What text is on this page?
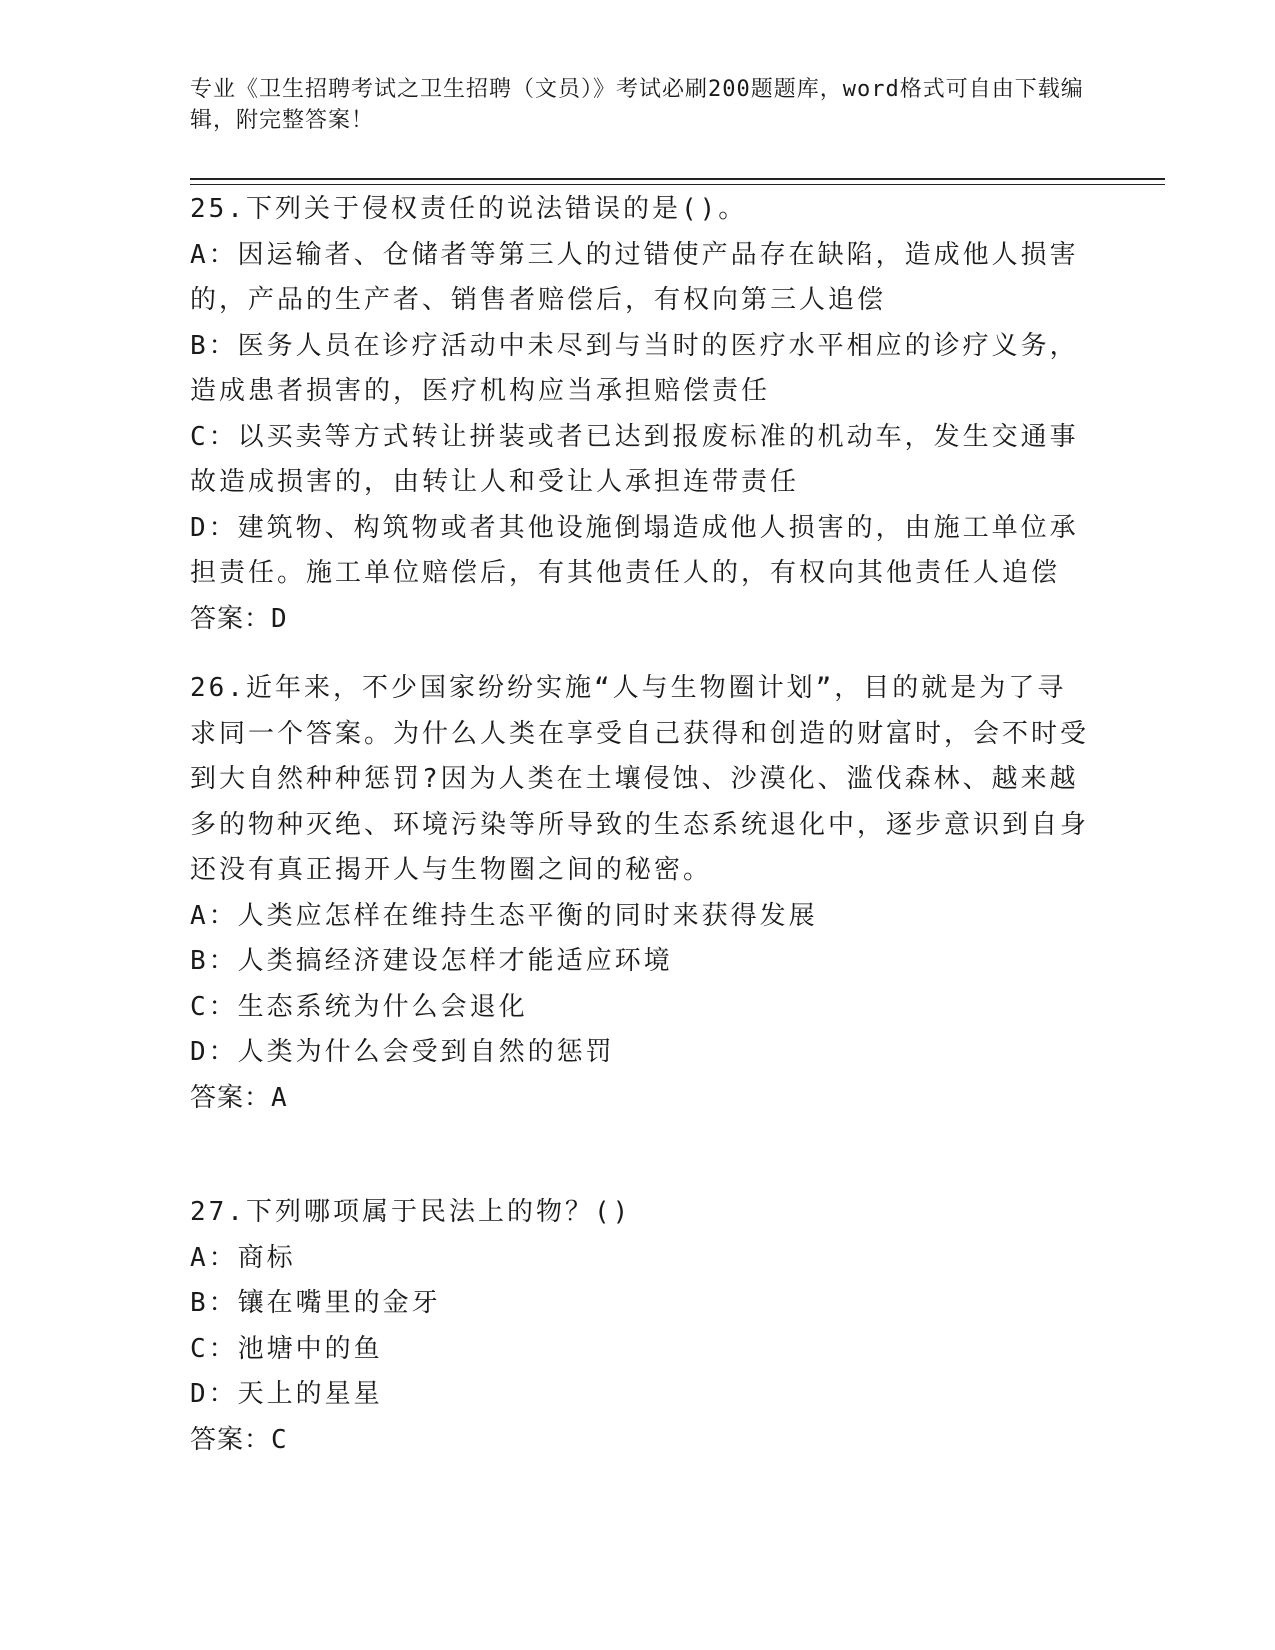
专业《卫生招聘考试之卫生招聘（文员）》考试必刷200题题库，word格式可自由下载编辑，附完整答案！
25.下列关于侵权责任的说法错误的是()。
A：因运输者、仓储者等第三人的过错使产品存在缺陷，造成他人损害的，产品的生产者、销售者赔偿后，有权向第三人追偿
B：医务人员在诊疗活动中未尽到与当时的医疗水平相应的诊疗义务，造成患者损害的，医疗机构应当承担赔偿责任
C：以买卖等方式转让拼装或者已达到报废标准的机动车，发生交通事故造成损害的，由转让人和受让人承担连带责任
D：建筑物、构筑物或者其他设施倒塌造成他人损害的，由施工单位承担责任。施工单位赔偿后，有其他责任人的，有权向其他责任人追偿
答案：D
26.近年来，不少国家纷纷实施“人与生物圈计划”，目的就是为了寻求同一个答案。为什么人类在享受自己获得和创造的财富时，会不时受到大自然种种惩罚?因为人类在土壤侵蚀、沙漠化、滥伐森林、越来越多的物种灭绝、环境污染等所导致的生态系统退化中，逐步意识到自身还没有真正揭开人与生物圈之间的秘密。
A：人类应怎样在维持生态平衡的同时来获得发展
B：人类搞经济建设怎样才能适应环境
C：生态系统为什么会退化
D：人类为什么会受到自然的惩罚
答案：A
27.下列哪项属于民法上的物？()
A：商标
B：镶在嘴里的金牙
C：池塘中的鱼
D：天上的星星
答案：C
